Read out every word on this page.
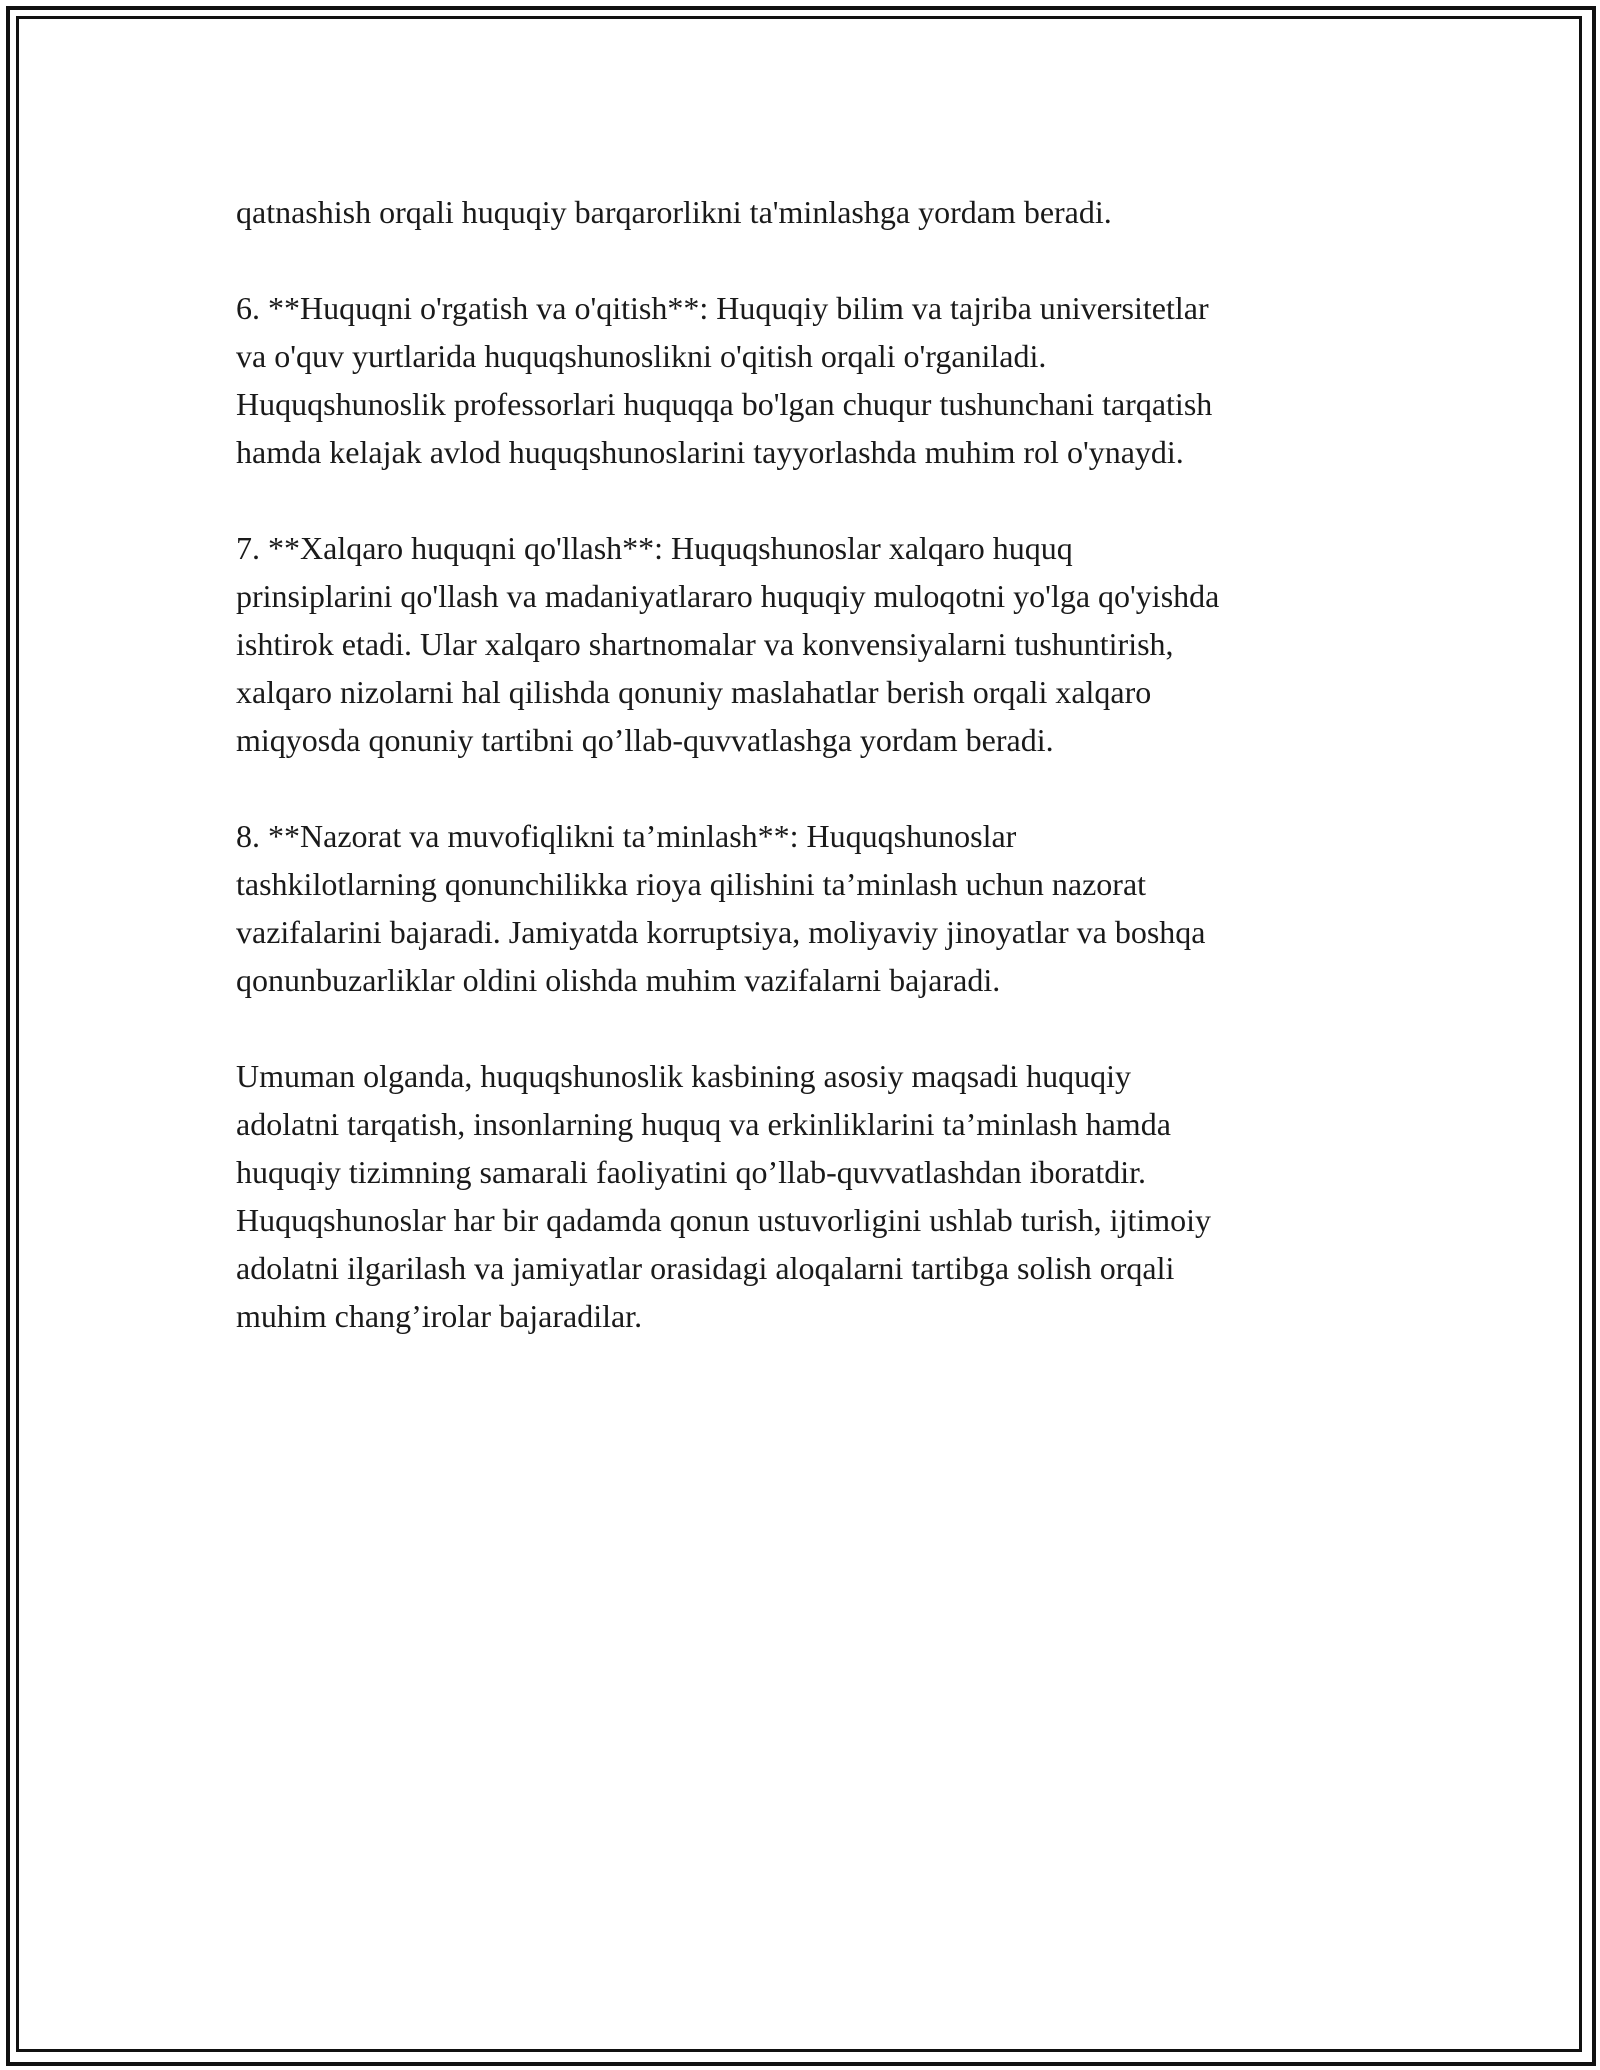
qatnashish orqali huquqiy barqarorlikni ta'minlashga yordam beradi.

6. **Huquqni o'rgatish va o'qitish**: Huquqiy bilim va tajriba universitetlar
va o'quv yurtlarida huquqshunoslikni o'qitish orqali o'rganiladi.
Huquqshunoslik professorlari huquqqa bo'lgan chuqur tushunchani tarqatish
hamda kelajak avlod huquqshunoslarini tayyorlashda muhim rol o'ynaydi.

7. **Xalqaro huquqni qo'llash**: Huquqshunoslar xalqaro huquq
prinsiplarini qo'llash va madaniyatlararo huquqiy muloqotni yo'lga qo'yishda
ishtirok etadi. Ular xalqaro shartnomalar va konvensiyalarni tushuntirish,
xalqaro nizolarni hal qilishda qonuniy maslahatlar berish orqali xalqaro
miqyosda qonuniy tartibni qo’llab-quvvatlashga yordam beradi.

8. **Nazorat va muvofiqlikni ta’minlash**: Huquqshunoslar
tashkilotlarning qonunchilikka rioya qilishini ta’minlash uchun nazorat
vazifalarini bajaradi. Jamiyatda korruptsiya, moliyaviy jinoyatlar va boshqa
qonunbuzarliklar oldini olishda muhim vazifalarni bajaradi.

Umuman olganda, huquqshunoslik kasbining asosiy maqsadi huquqiy
adolatni tarqatish, insonlarning huquq va erkinliklarini ta’minlash hamda
huquqiy tizimning samarali faoliyatini qo’llab-quvvatlashdan iboratdir.
Huquqshunoslar har bir qadamda qonun ustuvorligini ushlab turish, ijtimoiy
adolatni ilgarilash va jamiyatlar orasidagi aloqalarni tartibga solish orqali
muhim chang’irolar bajaradilar.
